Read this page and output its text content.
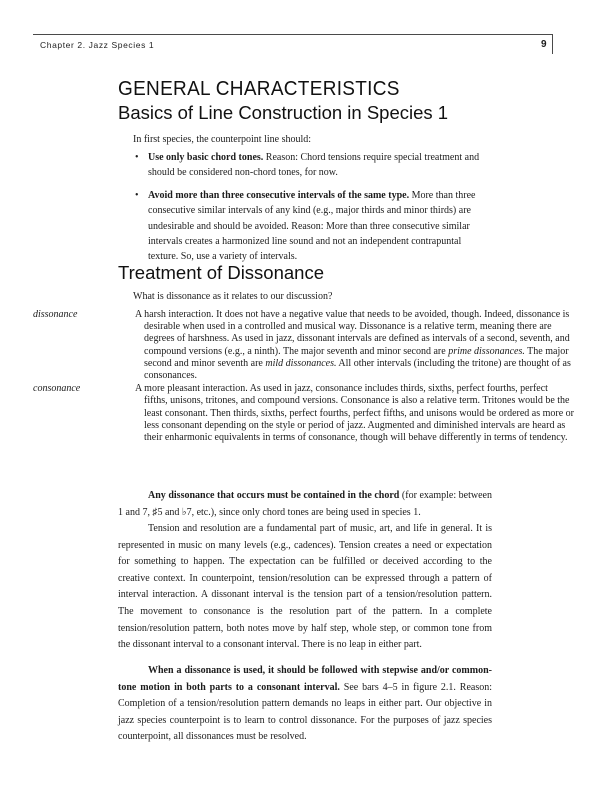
Chapter 2. Jazz Species 1	9
GENERAL CHARACTERISTICS
Basics of Line Construction in Species 1

In first species, the counterpoint line should:

• Use only basic chord tones. Reason: Chord tensions require special treatment and should be considered non-chord tones, for now.
• Avoid more than three consecutive intervals of the same type. More than three consecutive similar intervals of any kind (e.g., major thirds and minor thirds) are undesirable and should be avoided. Reason: More than three consecutive similar intervals creates a harmonized line sound and not an independent contrapuntal texture. So, use a variety of intervals.
Treatment of Dissonance

What is dissonance as it relates to our discussion?

dissonance	A harsh interaction. It does not have a negative value that needs to be avoided, though. Indeed, dissonance is desirable when used in a controlled and musical way. Dissonance is a relative term, meaning there are degrees of harshness. As used in jazz, dissonant intervals are defined as intervals of a second, seventh, and compound versions (e.g., a ninth). The major seventh and minor second are prime dissonances. The major second and minor seventh are mild dissonances. All other intervals (including the tritone) are thought of as consonances.
consonance	A more pleasant interaction. As used in jazz, consonance includes thirds, sixths, perfect fourths, perfect fifths, unisons, tritones, and compound versions. Consonance is also a relative term. Tritones would be the least consonant. Then thirds, sixths, perfect fourths, perfect fifths, and unisons would be ordered as more or less consonant depending on the style or period of jazz. Augmented and diminished intervals are heard as their enharmonic equivalents in terms of consonance, though will behave differently in terms of tendency.

Any dissonance that occurs must be contained in the chord (for example: between 1 and 7, ♯5 and ♭7, etc.), since only chord tones are being used in species 1.

Tension and resolution are a fundamental part of music, art, and life in general. It is represented in music on many levels (e.g., cadences). Tension creates a need or expectation for something to happen. The expectation can be fulfilled or deceived according to the creative context. In counterpoint, tension/resolution can be expressed through a pattern of interval interaction. A dissonant interval is the tension part of a tension/resolution pattern. The movement to consonance is the resolution part of the pattern. In a complete tension/resolution pattern, both notes move by half step, whole step, or common tone from the dissonant interval to a consonant interval. There is no leap in either part.

When a dissonance is used, it should be followed with stepwise and/or common-tone motion in both parts to a consonant interval. See bars 4–5 in figure 2.1. Reason: Completion of a tension/resolution pattern demands no leaps in either part. Our objective in jazz species counterpoint is to learn to control dissonance. For the purposes of jazz species counterpoint, all dissonances must be resolved.
